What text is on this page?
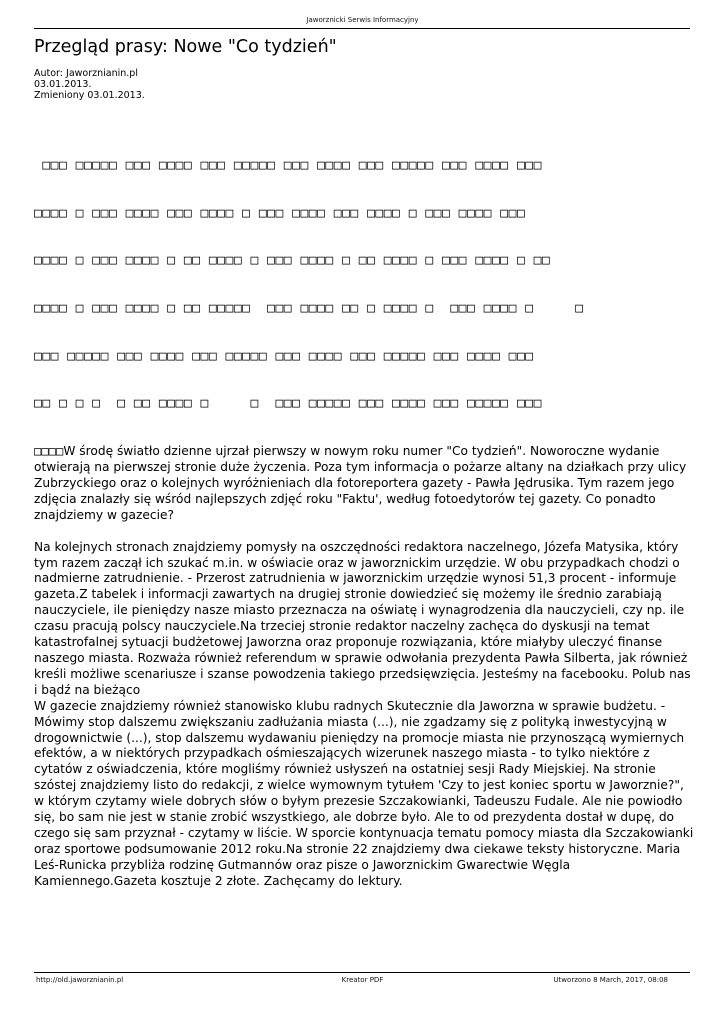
Jaworznicki Serwis Informacyjny
Przegląd prasy: Nowe "Co tydzień"
Autor: Jaworznianin.pl
03.01.2013.
Zmieniony 03.01.2013.

□□□ □□□□□ □□□ □□□□ □□□ □□□□□ □□□ □□□□ □□□ □□□□□ □□□ □□□□ □□□

□□□□ □ □□□ □□□□ □□□ □□□□ □ □□□ □□□□ □□□ □□□□ □ □□□ □□□□ □□□

□□□□ □ □□□ □□□□ □ □□ □□□□ □ □□□ □□□□ □ □□ □□□□ □ □□□ □□□□ □ □□

□□□□ □ □□□ □□□□ □ □□ □□□□□  □□□ □□□□ □□ □ □□□□ □  □□□ □□□□ □     □

□□□ □□□□□ □□□ □□□□ □□□ □□□□□ □□□ □□□□ □□□ □□□□□ □□□ □□□□ □□□

□□ □ □ □  □ □□ □□□□ □     □  □□□ □□□□□ □□□ □□□□ □□□ □□□□□ □□□

□□□□W środę światło dzienne ujrzał pierwszy w nowym roku numer "Co tydzień". Noworoczne wydanie otwierają na pierwszej stronie duże życzenia. Poza tym informacja o pożarze altany na działkach przy ulicy Zubrzyckiego oraz o kolejnych wyróżnieniach dla fotoreportera gazety - Pawła Jędrusika. Tym razem jego zdjęcia znalazły się wśród najlepszych zdjęć roku "Faktu', według fotoedytorów tej gazety. Co ponadto znajdziemy w gazecie?

Na kolejnych stronach znajdziemy pomysły na oszczędności redaktora naczelnego, Józefa Matysika, który tym razem zaczął ich szukać m.in. w oświacie oraz w jaworznickim urzędzie. W obu przypadkach chodzi o nadmierne zatrudnienie. - Przerost zatrudnienia w jaworznickim urzędzie wynosi 51,3 procent - informuje gazeta.Z tabelek i informacji zawartych na drugiej stronie dowiedzieć się możemy ile średnio zarabiają nauczyciele, ile pieniędzy nasze miasto przeznacza na oświatę i wynagrodzenia dla nauczycieli, czy np. ile czasu pracują polscy nauczyciele.Na trzeciej stronie redaktor naczelny zachęca do dyskusji na temat katastrofalnej sytuacji budżetowej Jaworzna oraz proponuje rozwiązania, które miałyby uleczyć finanse naszego miasta. Rozważa również referendum w sprawie odwołania prezydenta Pawła Silberta, jak również kreśli możliwe scenariusze i szanse powodzenia takiego przedsięwzięcia. Jesteśmy na facebooku. Polub nas i bądź na bieżąco

W gazecie znajdziemy również stanowisko klubu radnych Skutecznie dla Jaworzna w sprawie budżetu. - Mówimy stop dalszemu zwiększaniu zadłużania miasta (...), nie zgadzamy się z polityką inwestycyjną w drogownictwie (...), stop dalszemu wydawaniu pieniędzy na promocje miasta nie przynoszącą wymiernych efektów, a w niektórych przypadkach ośmieszających wizerunek naszego miasta - to tylko niektóre z cytatów z oświadczenia, które mogliśmy również usłyszeń na ostatniej sesji Rady Miejskiej. Na stronie szóstej znajdziemy listo do redakcji, z wielce wymownym tytułem 'Czy to jest koniec sportu w Jaworznie?", w którym czytamy wiele dobrych słów o byłym prezesie Szczakowianki, Tadeuszu Fudale. Ale nie powiodło się, bo sam nie jest w stanie zrobić wszystkiego, ale dobrze było. Ale to od prezydenta dostał w dupę, do czego się sam przyznał - czytamy w liście. W sporcie kontynuacja tematu pomocy miasta dla Szczakowianki oraz sportowe podsumowanie 2012 roku.Na stronie 22 znajdziemy dwa ciekawe teksty historyczne. Maria Leś-Runicka przybliża rodzinę Gutmannów oraz pisze o Jaworznickim Gwarectwie Węgla Kamiennego.Gazeta kosztuje 2 złote. Zachęcamy do lektury.

http://old.jaworznianin.pl	Kreator PDF	Utworzono 8 March, 2017, 08:08
